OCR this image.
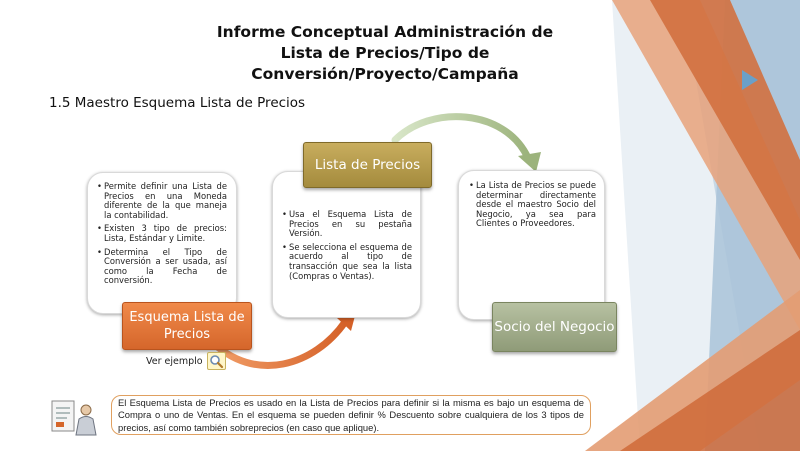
Informe Conceptual Administración de
Lista de Precios/Tipo de Conversión/Proyecto/Campaña
1.5 Maestro Esquema Lista de Precios
• Permite definir una Lista de Precios en una Moneda diferente de la que maneja la contabilidad.
• Existen 3 tipo de precios: Lista, Estándar y Limite.
• Determina el Tipo de Conversión a ser usada, así como la Fecha de conversión.
Esquema Lista de Precios
• Usa el Esquema Lista de Precios en su pestaña Versión.
• Se selecciona el esquema de acuerdo al tipo de transacción que sea la lista (Compras o Ventas).
Lista de Precios
• La Lista de Precios se puede determinar directamente desde el maestro Socio del Negocio, ya sea para Clientes o Proveedores.
Socio del Negocio
Ver ejemplo
El Esquema Lista de Precios es usado en la Lista de Precios para definir si la misma es bajo un esquema de Compra o uno de Ventas. En el esquema se pueden definir % Descuento sobre cualquiera de los 3 tipos de precios, así como también sobreprecios (en caso que aplique).
